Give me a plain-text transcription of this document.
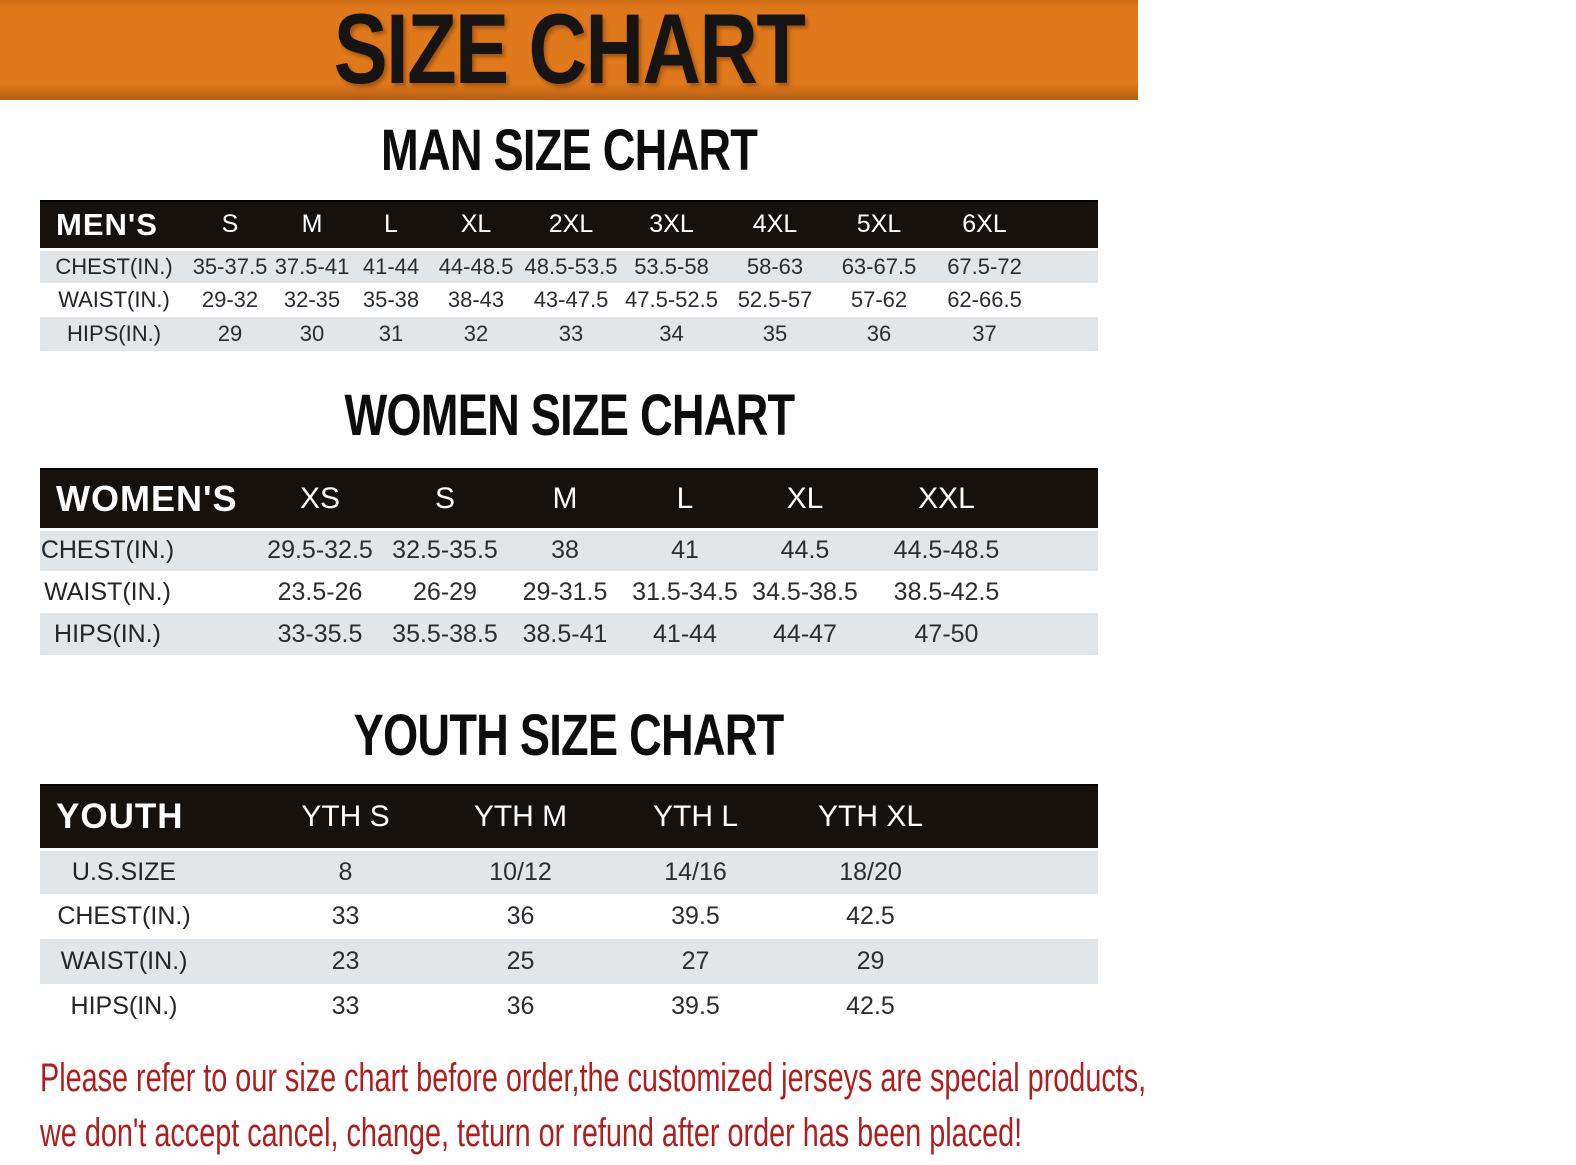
SIZE CHART
MAN SIZE CHART
MEN'S	S	M	L	XL	2XL	3XL	4XL	5XL	6XL
CHEST(IN.)	35-37.5	37.5-41	41-44	44-48.5	48.5-53.5	53.5-58	58-63	63-67.5	67.5-72
WAIST(IN.)	29-32	32-35	35-38	38-43	43-47.5	47.5-52.5	52.5-57	57-62	62-66.5
HIPS(IN.)	29	30	31	32	33	34	35	36	37
WOMEN SIZE CHART
WOMEN'S	XS	S	M	L	XL	XXL
CHEST(IN.)	29.5-32.5	32.5-35.5	38	41	44.5	44.5-48.5
WAIST(IN.)	23.5-26	26-29	29-31.5	31.5-34.5	34.5-38.5	38.5-42.5
HIPS(IN.)	33-35.5	35.5-38.5	38.5-41	41-44	44-47	47-50
YOUTH SIZE CHART
YOUTH	YTH S	YTH M	YTH L	YTH XL
U.S.SIZE	8	10/12	14/16	18/20
CHEST(IN.)	33	36	39.5	42.5
WAIST(IN.)	23	25	27	29
HIPS(IN.)	33	36	39.5	42.5

Please refer to our size chart before order,the customized jerseys are special products,

we don't accept cancel, change, teturn or refund after order has been placed!
